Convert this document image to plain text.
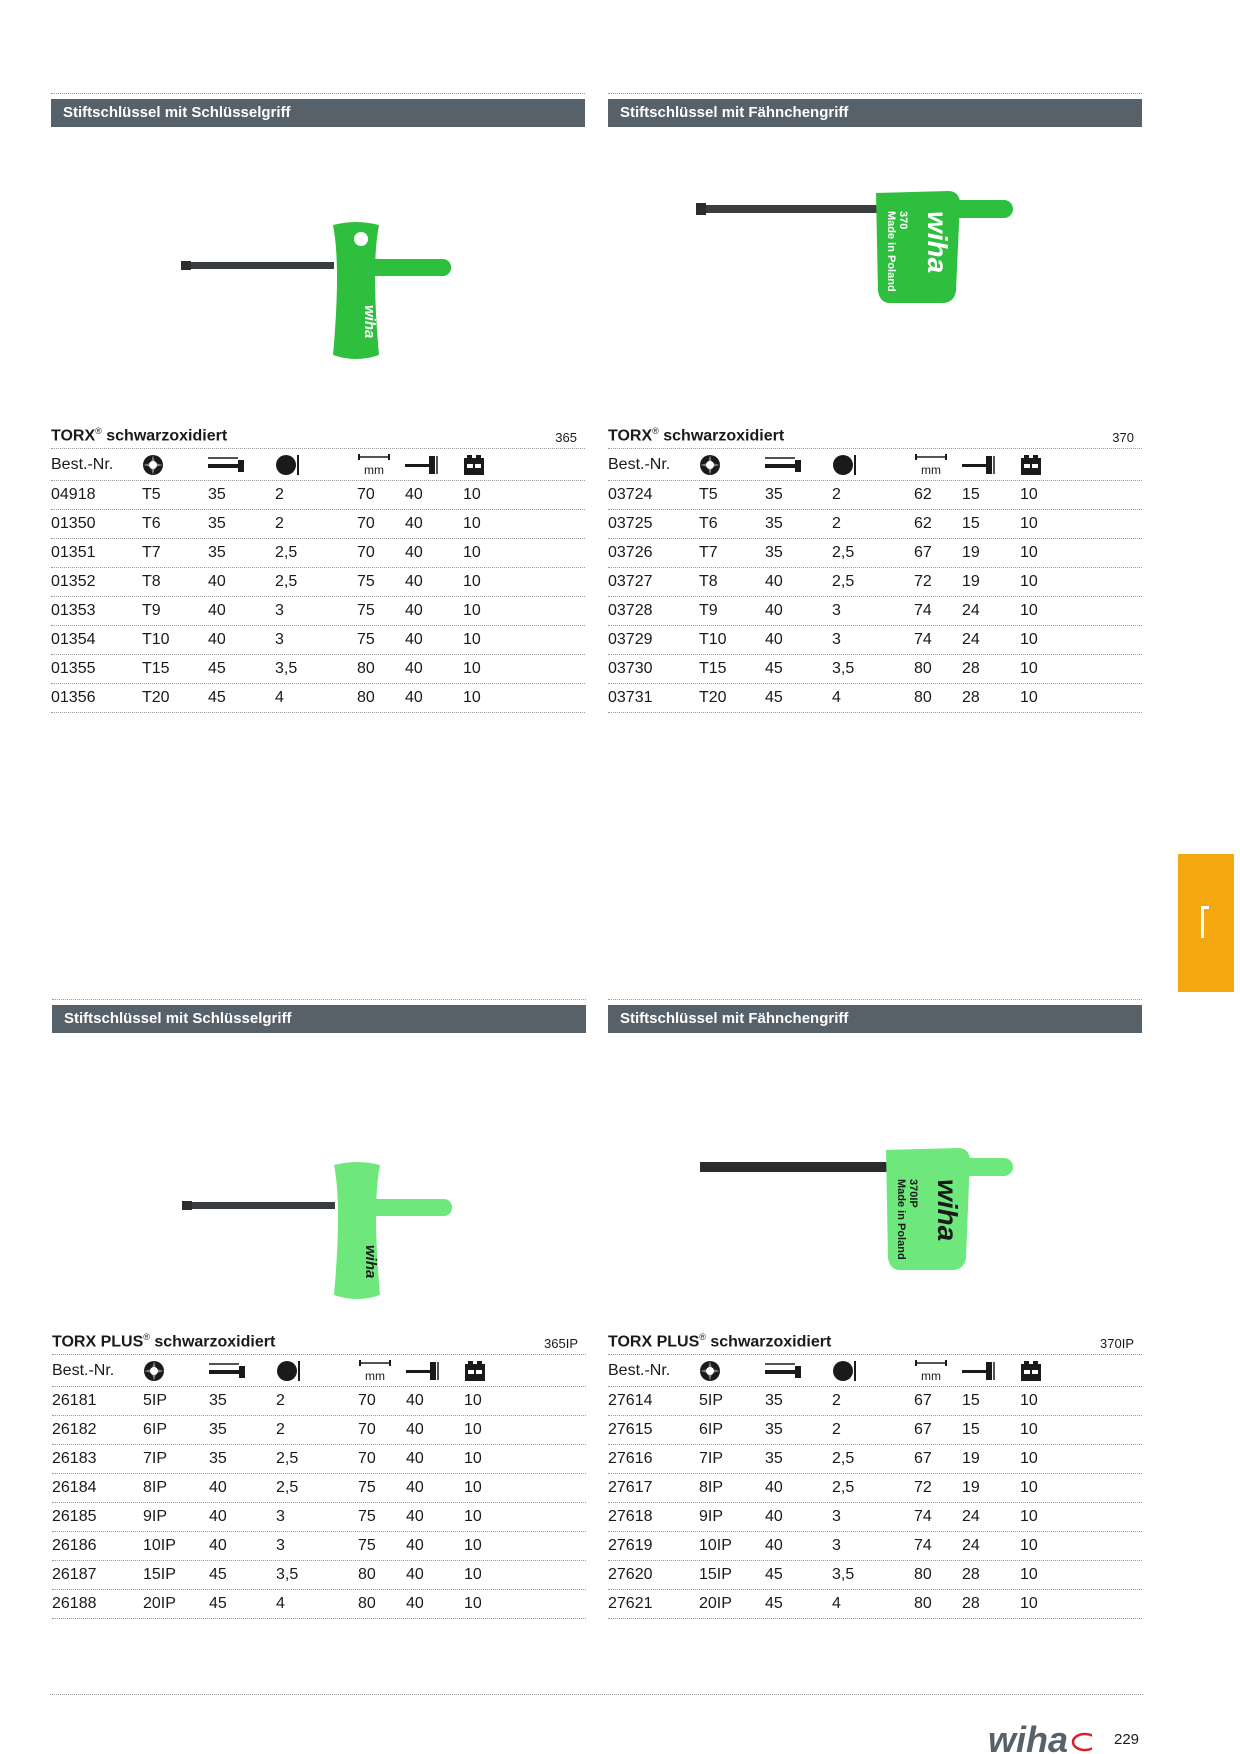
Stiftschlüssel mit Schlüsselgriff
wiha
TORX® schwarzoxidiert	365
Best.-Nr.	mm
04918	T5	35	2	70	40	10
01350	T6	35	2	70	40	10
01351	T7	35	2,5	70	40	10
01352	T8	40	2,5	75	40	10
01353	T9	40	3	75	40	10
01354	T10	40	3	75	40	10
01355	T15	45	3,5	80	40	10
01356	T20	45	4	80	40	10
Stiftschlüssel mit Fähnchengriff
wiha
370
Made in Poland
TORX® schwarzoxidiert	370
Best.-Nr.	mm
03724	T5	35	2	62	15	10
03725	T6	35	2	62	15	10
03726	T7	35	2,5	67	19	10
03727	T8	40	2,5	72	19	10
03728	T9	40	3	74	24	10
03729	T10	40	3	74	24	10
03730	T15	45	3,5	80	28	10
03731	T20	45	4	80	28	10
Stiftschlüssel mit Schlüsselgriff
wiha
TORX PLUS® schwarzoxidiert	365IP
Best.-Nr.	mm
26181	5IP	35	2	70	40	10
26182	6IP	35	2	70	40	10
26183	7IP	35	2,5	70	40	10
26184	8IP	40	2,5	75	40	10
26185	9IP	40	3	75	40	10
26186	10IP	40	3	75	40	10
26187	15IP	45	3,5	80	40	10
26188	20IP	45	4	80	40	10
Stiftschlüssel mit Fähnchengriff
wiha
370IP
Made in Poland
TORX PLUS® schwarzoxidiert	370IP
Best.-Nr.	mm
27614	5IP	35	2	67	15	10
27615	6IP	35	2	67	15	10
27616	7IP	35	2,5	67	19	10
27617	8IP	40	2,5	72	19	10
27618	9IP	40	3	74	24	10
27619	10IP	40	3	74	24	10
27620	15IP	45	3,5	80	28	10
27621	20IP	45	4	80	28	10
wiha	229
